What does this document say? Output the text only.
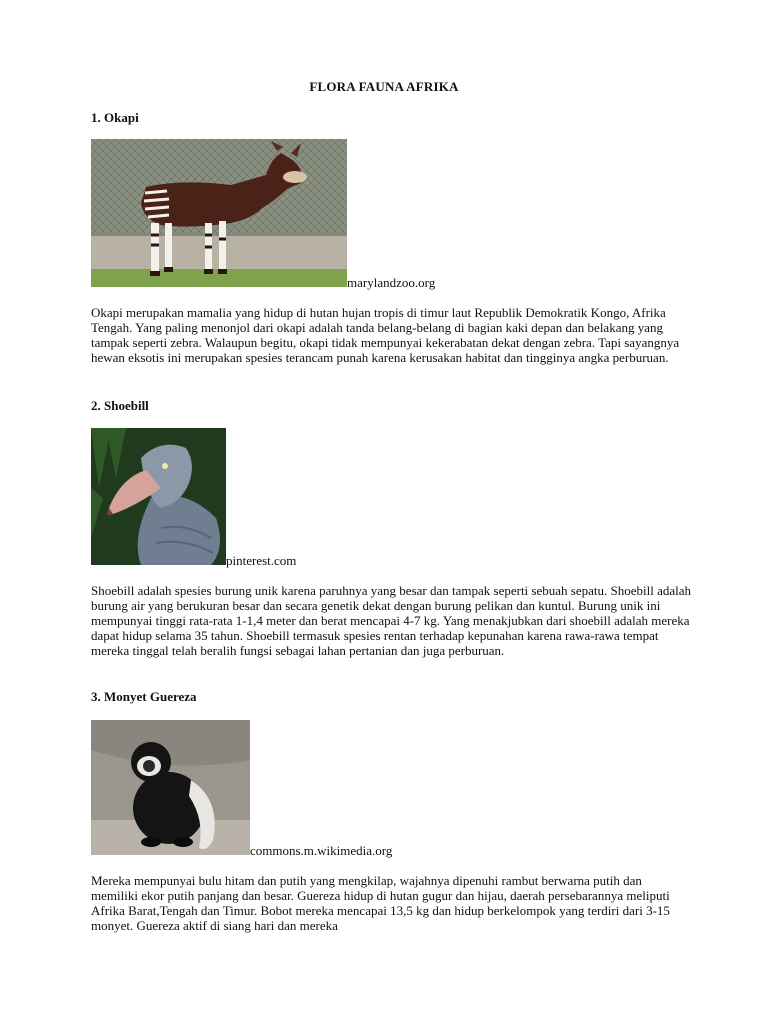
FLORA FAUNA AFRIKA
1. Okapi
marylandzoo.org
Okapi merupakan mamalia yang hidup di hutan hujan tropis di timur laut Republik Demokratik Kongo, Afrika Tengah. Yang paling menonjol dari okapi adalah tanda belang-belang di bagian kaki depan dan belakang yang tampak seperti zebra. Walaupun begitu, okapi tidak mempunyai kekerabatan dekat dengan zebra. Tapi sayangnya hewan eksotis ini merupakan spesies terancam punah karena kerusakan habitat dan tingginya angka perburuan.
2. Shoebill
pinterest.com
Shoebill adalah spesies burung unik karena paruhnya yang besar dan tampak seperti sebuah sepatu. Shoebill adalah burung air yang berukuran besar dan secara genetik dekat dengan burung pelikan dan kuntul. Burung unik ini mempunyai tinggi rata-rata 1-1,4 meter dan berat mencapai 4-7 kg. Yang menakjubkan dari shoebill adalah mereka dapat hidup selama 35 tahun. Shoebill termasuk spesies rentan terhadap kepunahan karena rawa-rawa tempat mereka tinggal telah beralih fungsi sebagai lahan pertanian dan juga perburuan.
3. Monyet Guereza
commons.m.wikimedia.org
Mereka mempunyai bulu hitam dan putih yang mengkilap, wajahnya dipenuhi rambut berwarna putih dan memiliki ekor putih panjang dan besar. Guereza hidup di hutan gugur dan hijau, daerah persebarannya meliputi Afrika Barat,Tengah dan Timur. Bobot mereka mencapai 13,5 kg dan hidup berkelompok yang terdiri dari 3-15 monyet. Guereza aktif di siang hari dan mereka
